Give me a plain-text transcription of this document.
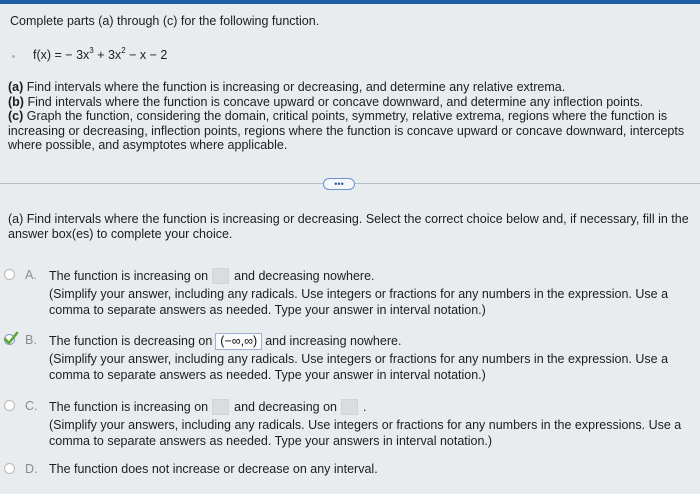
Complete parts (a) through (c) for the following function.
f(x) = − $3x^3 + 3x^2 - x - 2$
(a) Find intervals where the function is increasing or decreasing, and determine any relative extrema.
(b) Find intervals where the function is concave upward or concave downward, and determine any inflection points.
(c) Graph the function, considering the domain, critical points, symmetry, relative extrema, regions where the function is increasing or decreasing, inflection points, regions where the function is concave upward or concave downward, intercepts where possible, and asymptotes where applicable.
•••
(a) Find intervals where the function is increasing or decreasing. Select the correct choice below and, if necessary, fill in the answer box(es) to complete your choice.
A. The function is increasing on and decreasing nowhere.
(Simplify your answer, including any radicals. Use integers or fractions for any numbers in the expression. Use a comma to separate answers as needed. Type your answer in interval notation.)
B. The function is decreasing on (−∞,∞) and increasing nowhere.
(Simplify your answer, including any radicals. Use integers or fractions for any numbers in the expression. Use a comma to separate answers as needed. Type your answer in interval notation.)
C. The function is increasing on and decreasing on .
(Simplify your answers, including any radicals. Use integers or fractions for any numbers in the expressions. Use a comma to separate answers as needed. Type your answers in interval notation.)
D. The function does not increase or decrease on any interval.
